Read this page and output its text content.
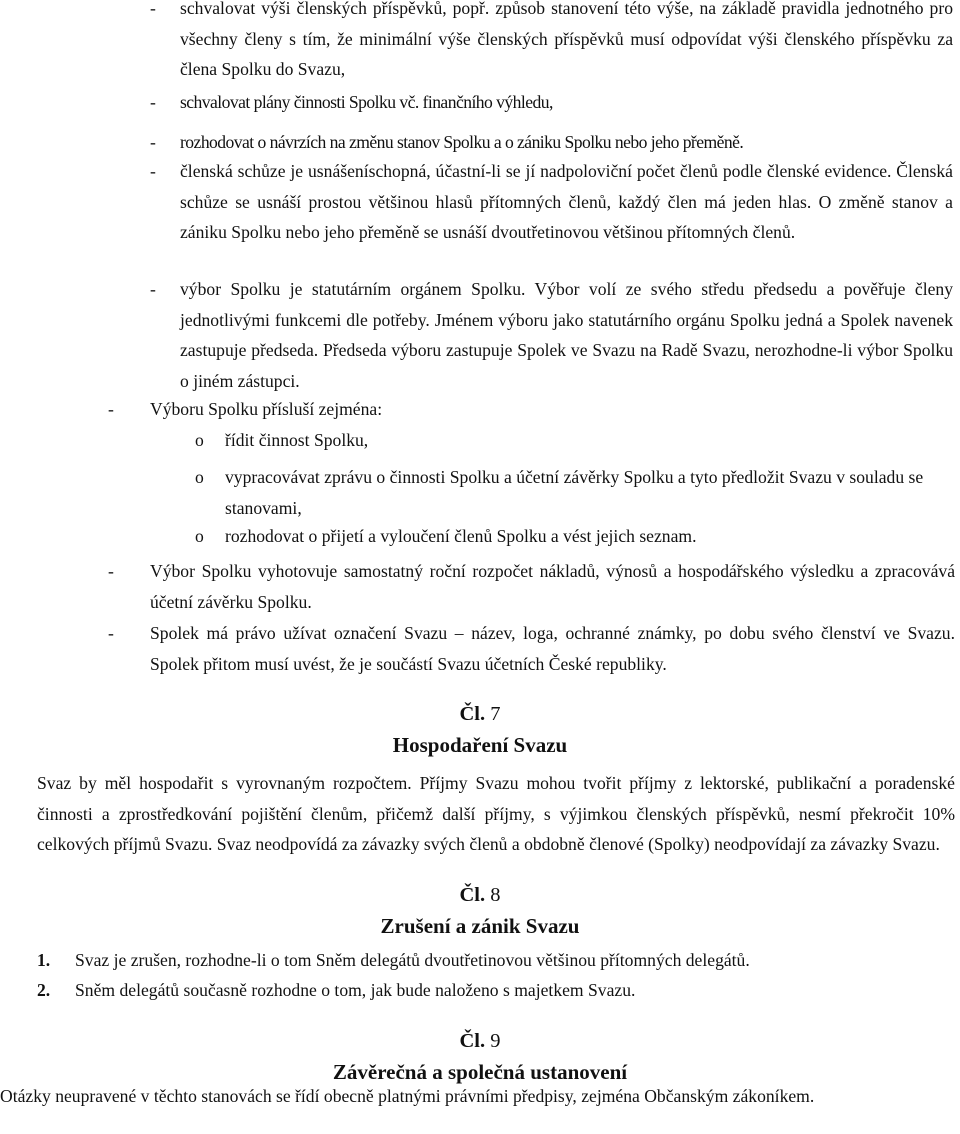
- schvalovat výši členských příspěvků, popř. způsob stanovení této výše, na základě pravidla jednotného pro všechny členy s tím, že minimální výše členských příspěvků musí odpovídat výši členského příspěvku za člena Spolku do Svazu,
- schvalovat plány činnosti Spolku vč. finančního výhledu,
- rozhodovat o návrzích na změnu stanov Spolku a o zániku Spolku nebo jeho přeměně.
- členská schůze je usnášeníschopná, účastní-li se jí nadpoloviční počet členů podle členské evidence. Členská schůze se usnáší prostou většinou hlasů přítomných členů, každý člen má jeden hlas. O změně stanov a zániku Spolku nebo jeho přeměně se usnáší dvoutřetinovou většinou přítomných členů.
- výbor Spolku je statutárním orgánem Spolku. Výbor volí ze svého středu předsedu a pověřuje členy jednotlivými funkcemi dle potřeby. Jménem výboru jako statutárního orgánu Spolku jedná a Spolek navenek zastupuje předseda. Předseda výboru zastupuje Spolek ve Svazu na Radě Svazu, nerozhodne-li výbor Spolku o jiném zástupci.
- Výboru Spolku přísluší zejména:
o řídit činnost Spolku,
o vypracovávat zprávu o činnosti Spolku a účetní závěrky Spolku a tyto předložit Svazu v souladu se stanovami,
o rozhodovat o přijetí a vyloučení členů Spolku a vést jejich seznam.
- Výbor Spolku vyhotovuje samostatný roční rozpočet nákladů, výnosů a hospodářského výsledku a zpracovává účetní závěrku Spolku.
- Spolek má právo užívat označení Svazu – název, loga, ochranné známky, po dobu svého členství ve Svazu. Spolek přitom musí uvést, že je součástí Svazu účetních České republiky.
Čl. 7
Hospodaření Svazu
Svaz by měl hospodařit s vyrovnaným rozpočtem. Příjmy Svazu mohou tvořit příjmy z lektorské, publikační a poradenské činnosti a zprostředkování pojištění členům, přičemž další příjmy, s výjimkou členských příspěvků, nesmí překročit 10% celkových příjmů Svazu. Svaz neodpovídá za závazky svých členů a obdobně členové (Spolky) neodpovídají za závazky Svazu.
Čl. 8
Zrušení a zánik Svazu
1. Svaz je zrušen, rozhodne-li o tom Sněm delegátů dvoutřetinovou většinou přítomných delegátů.
2. Sněm delegátů současně rozhodne o tom, jak bude naloženo s majetkem Svazu.
Čl. 9
Závěrečná a společná ustanovení
Otázky neupravené v těchto stanovách se řídí obecně platnými právními předpisy, zejména Občanským zákoníkem.
